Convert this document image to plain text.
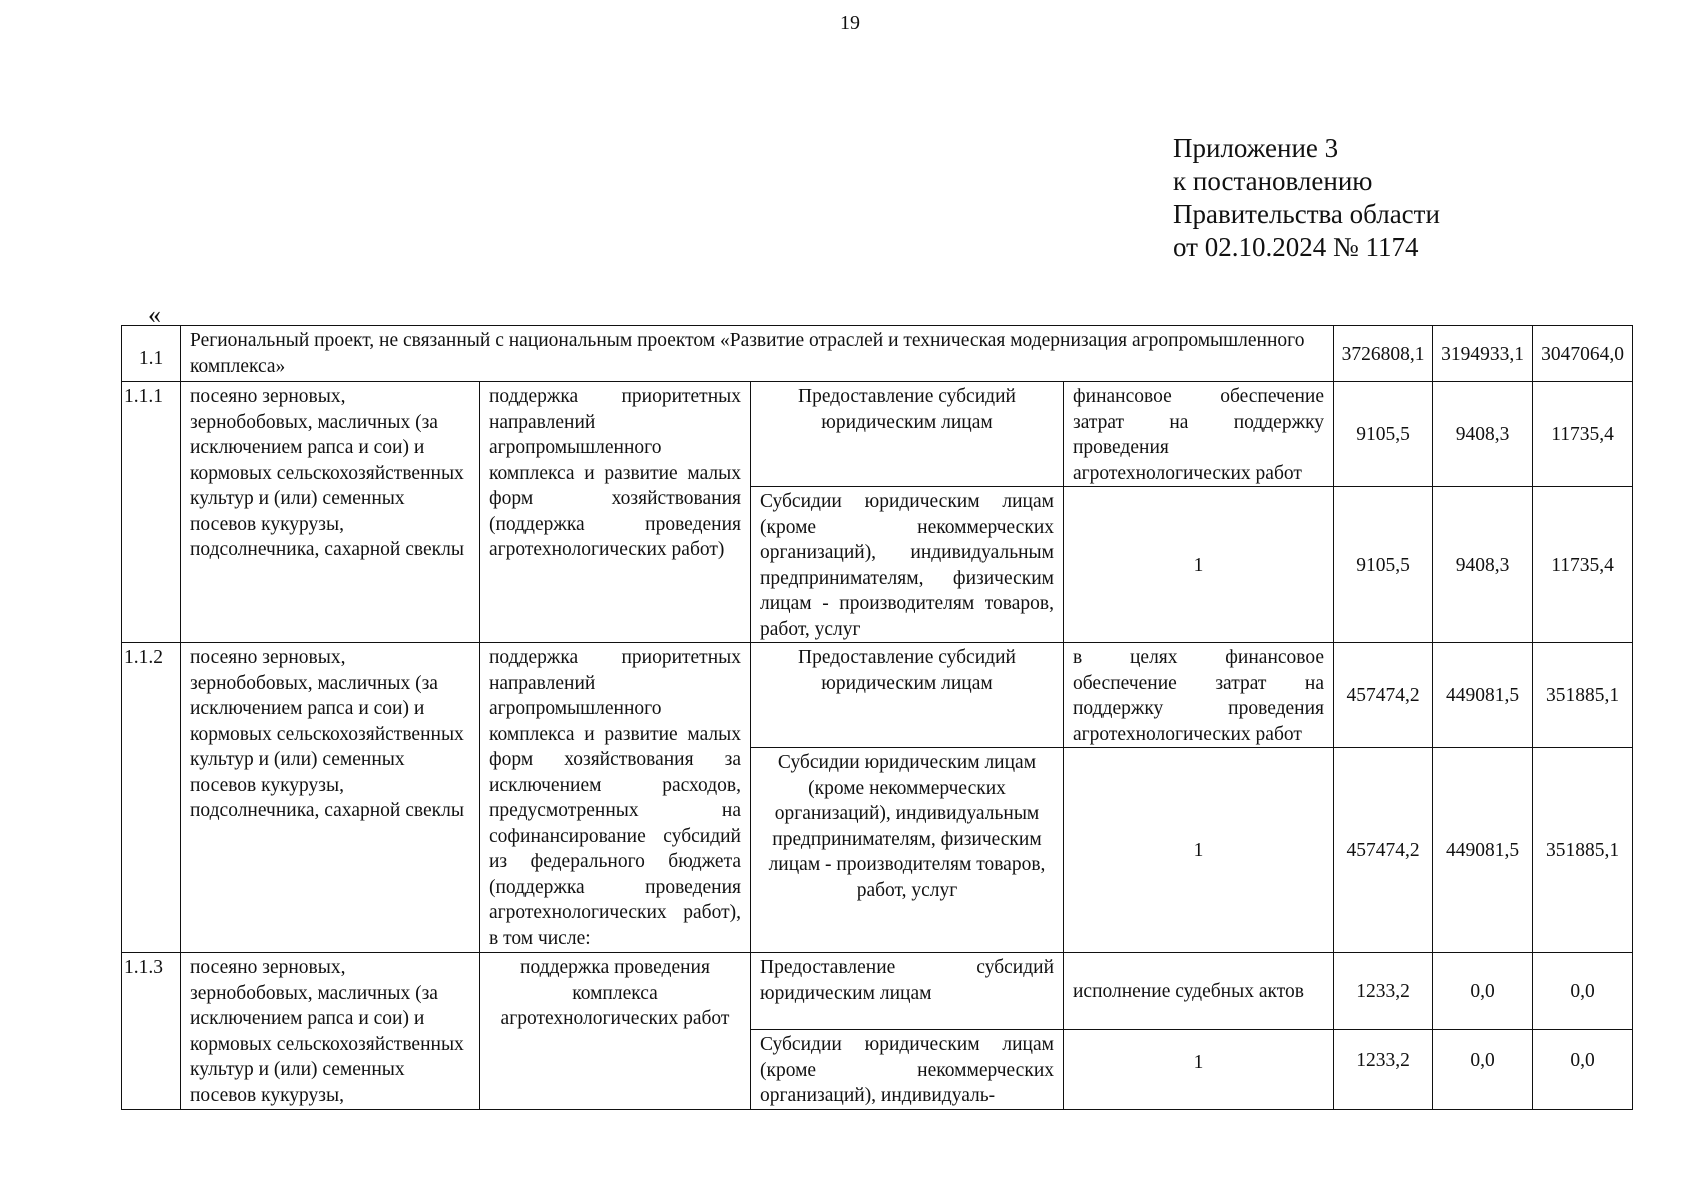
19
Приложение 3
к постановлению
Правительства области
от 02.10.2024 № 1174
«
1.1	Региональный проект, не связанный с национальным проектом «Развитие отраслей и техническая модернизация агропромышленного комплекса»				3726808,1	3194933,1	3047064,0
1.1.1	посеяно зерновых, зернобобовых, масличных (за исключением рапса и сои) и кормовых сельскохозяйственных культур и (или) семенных посевов кукурузы, подсолнечника, сахарной свеклы	поддержка приоритетных направлений агропромышленного комплекса и развитие малых форм хозяйствования (поддержка проведения агротехнологических работ)	Предоставление субсидий юридическим лицам	финансовое обеспечение затрат на поддержку проведения агротехнологических работ	9105,5	9408,3	11735,4
			Субсидии юридическим лицам (кроме некоммерческих организаций), индивидуальным предпринимателям, физическим лицам - производителям товаров, работ, услуг	1	9105,5	9408,3	11735,4
1.1.2	посеяно зерновых, зернобобовых, масличных (за исключением рапса и сои) и кормовых сельскохозяйственных культур и (или) семенных посевов кукурузы, подсолнечника, сахарной свеклы	поддержка приоритетных направлений агропромышленного комплекса и развитие малых форм хозяйствования за исключением расходов, предусмотренных на софинансирование субсидий из федерального бюджета (поддержка проведения агротехнологических работ), в том числе:	Предоставление субсидий юридическим лицам	в целях финансовое обеспечение затрат на поддержку проведения агротехнологических работ	457474,2	449081,5	351885,1
			Субсидии юридическим лицам (кроме некоммерческих организаций), индивидуальным предпринимателям, физическим лицам - производителям товаров, работ, услуг	1	457474,2	449081,5	351885,1
1.1.3	посеяно зерновых, зернобобовых, масличных (за исключением рапса и сои) и кормовых сельскохозяйственных культур и (или) семенных посевов кукурузы,	поддержка проведения комплекса агротехнологических работ	Предоставление субсидий юридическим лицам	исполнение судебных актов	1233,2	0,0	0,0
			Субсидии юридическим лицам (кроме некоммерческих организаций), индивидуаль-	1	1233,2	0,0	0,0
